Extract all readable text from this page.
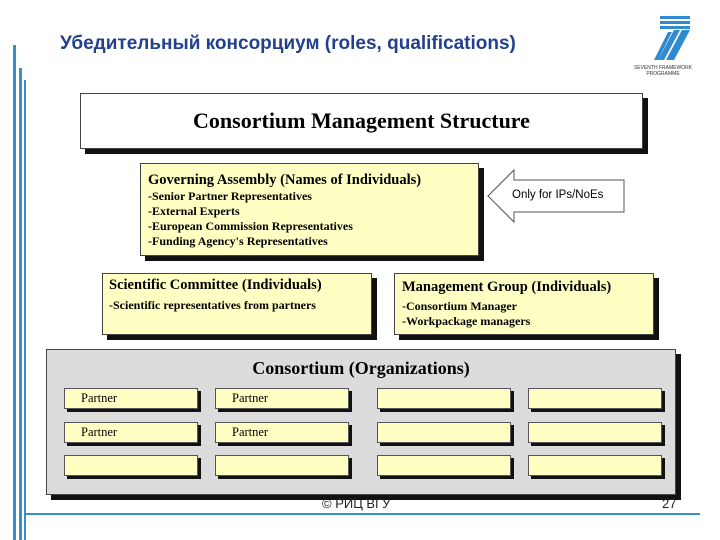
Убедительный консорциум (roles, qualifications)
SEVENTH FRAMEWORK
PROGRAMME
Consortium Management Structure
Governing Assembly (Names of Individuals)
-Senior Partner Representatives
-External Experts
-European Commission Representatives
-Funding Agency's Representatives
Only for IPs/NoEs
Scientific Committee (Individuals)
-Scientific representatives from partners
Management Group (Individuals)
-Consortium Manager
-Workpackage managers
Consortium (Organizations)
Partner	Partner
Partner	Partner
© РИЦ ВГУ	27
